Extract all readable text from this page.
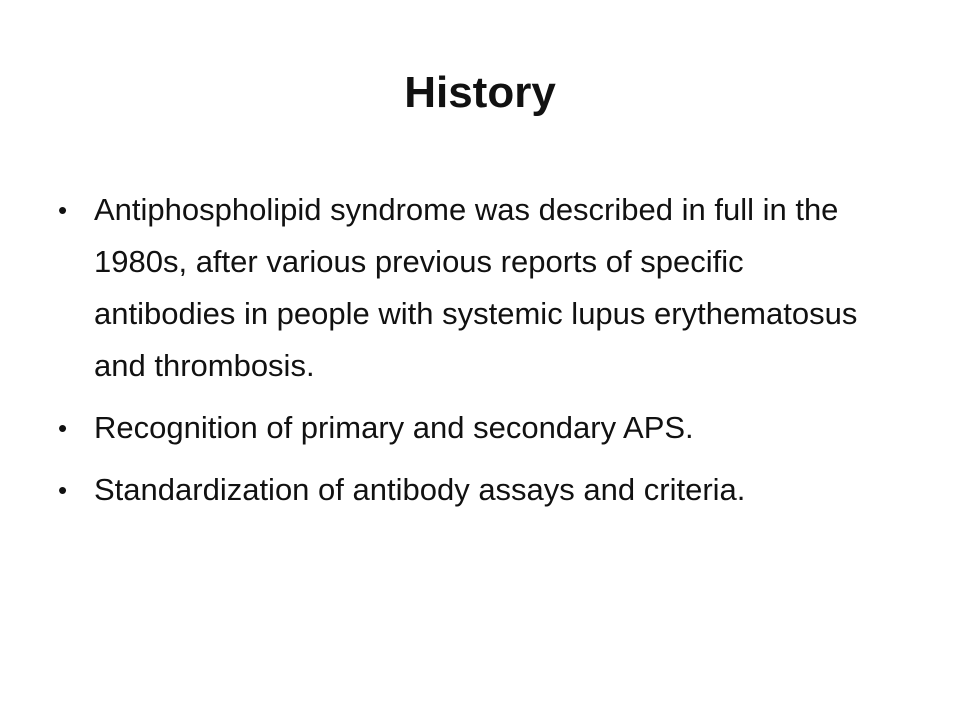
History
• Antiphospholipid syndrome was described in full in the 1980s, after various previous reports of specific antibodies in people with systemic lupus erythematosus and thrombosis.
• Recognition of primary and secondary APS.
• Standardization of antibody assays and criteria.
